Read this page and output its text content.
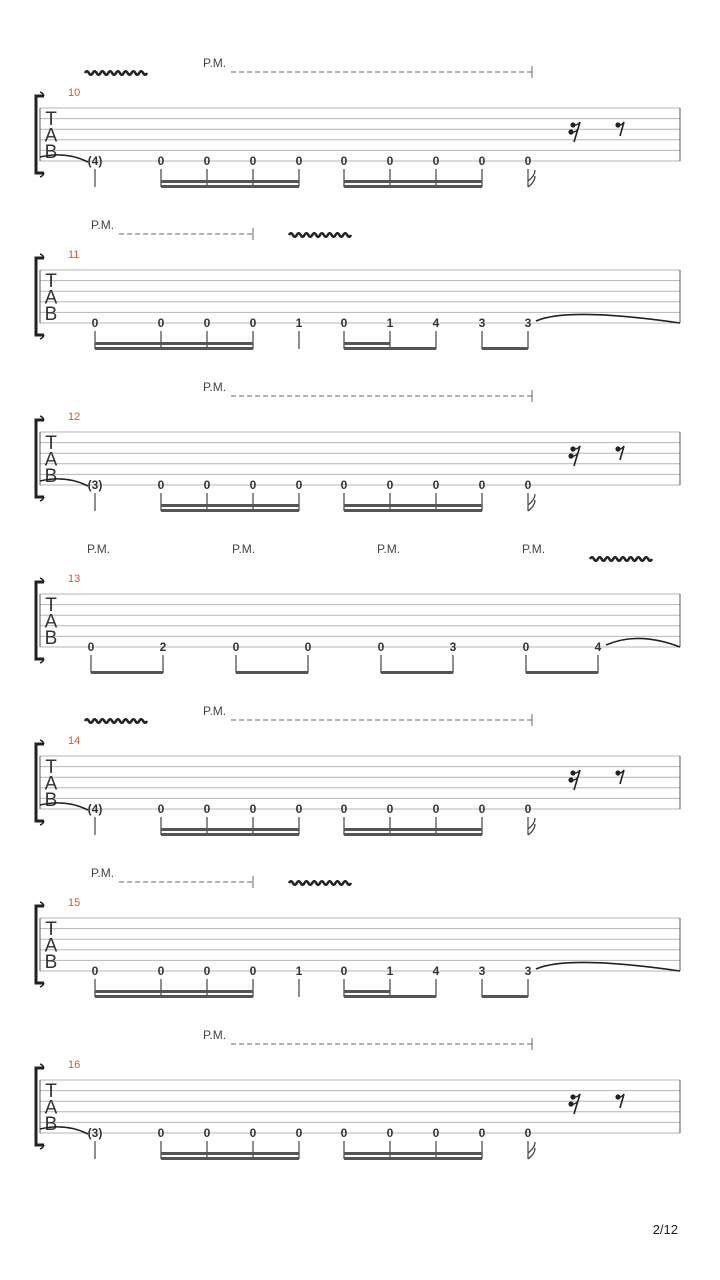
2/12
T
A
B
10
P.M.
(4)	0	0	0	0	0	0	0	0	0
T
A
B
11
P.M.
0	0	0	0	1	0	1	4	3	3
T
A
B
12
P.M.
(3)	0	0	0	0	0	0	0	0	0
T
A
B
13
P.M.	P.M.	P.M.	P.M.
0	2	0	0	0	3	0	4
T
A
B
14
P.M.
(4)	0	0	0	0	0	0	0	0	0
T
A
B
15
P.M.
0	0	0	0	1	0	1	4	3	3
T
A
B
16
P.M.
(3)	0	0	0	0	0	0	0	0	0
